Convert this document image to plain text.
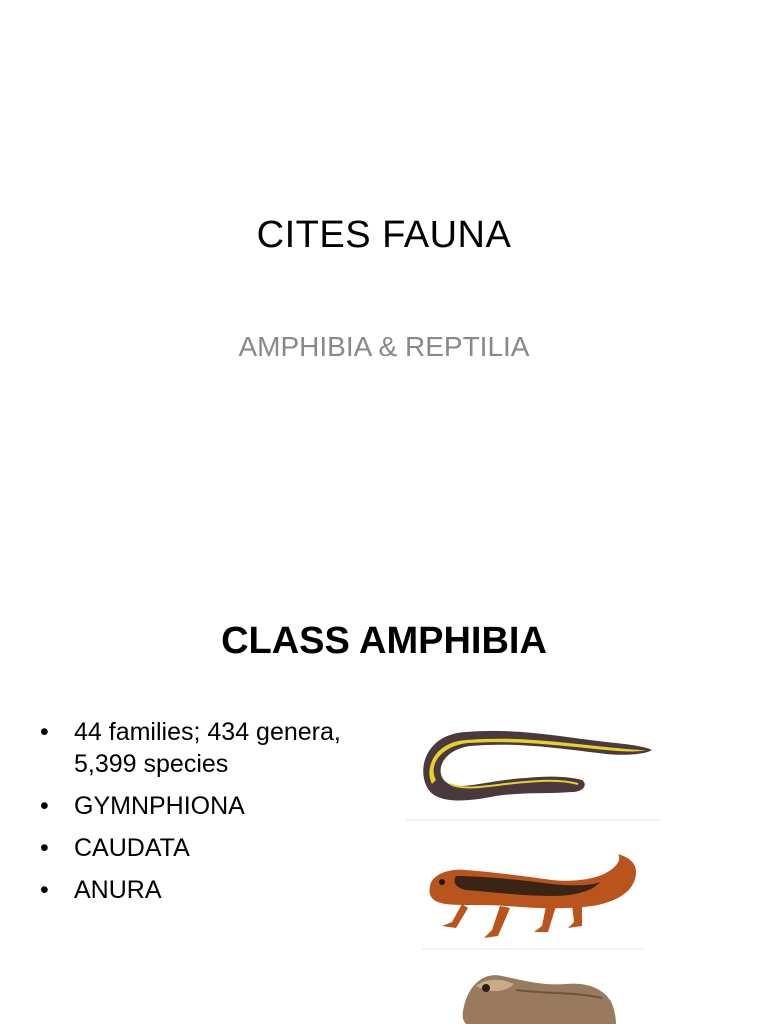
CITES FAUNA
AMPHIBIA & REPTILIA
CLASS AMPHIBIA
• 44 families; 434 genera, 5,399 species
• GYMNPHIONA
• CAUDATA
• ANURA
